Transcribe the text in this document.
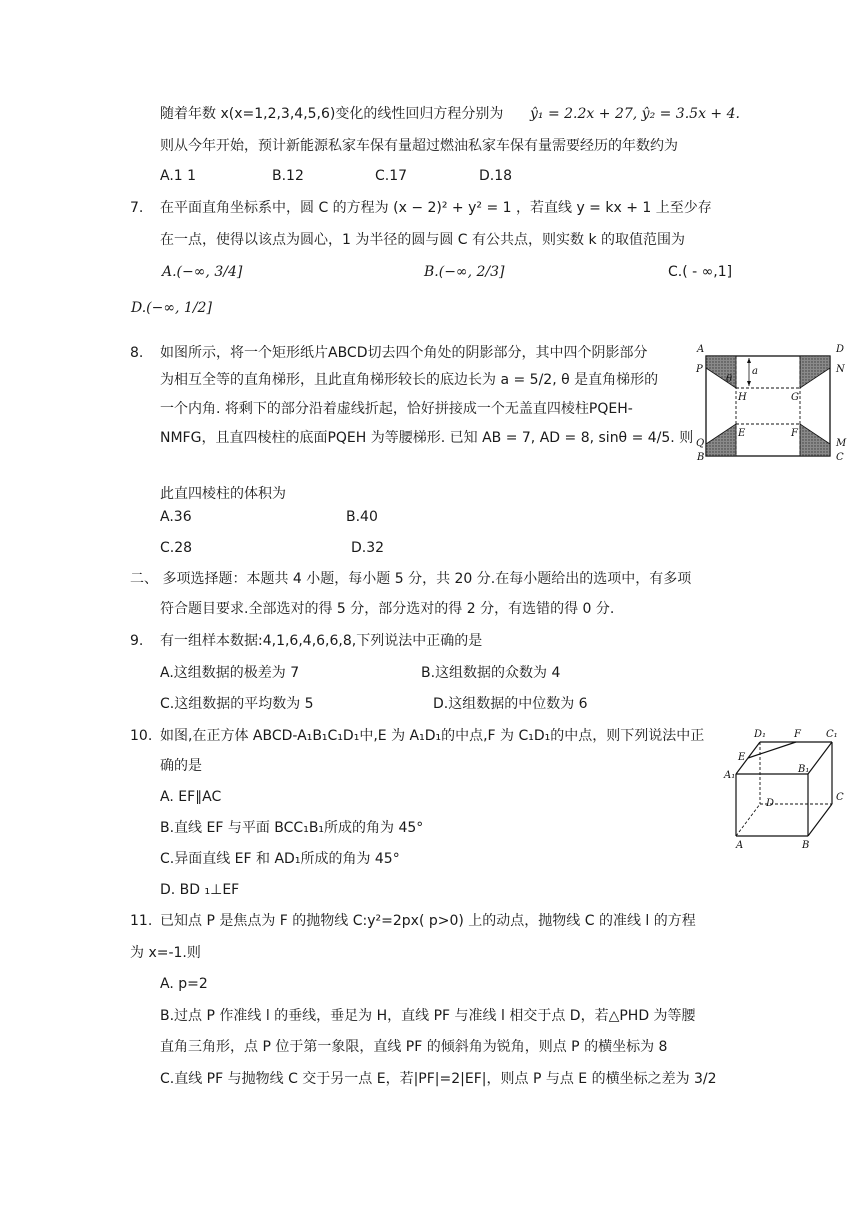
随着年数 x(x=1,2,3,4,5,6)变化的线性回归方程分别为 ŷ₁ = 2.2x + 27, ŷ₂ = 3.5x + 4.
则从今年开始，预计新能源私家车保有量超过燃油私家车保有量需要经历的年数约为
A.1 1	B.12	C.17	D.18
7. 在平面直角坐标系中，圆 C 的方程为 (x − 2)² + y² = 1 ，若直线 y = kx + 1 上至少存
在一点，使得以该点为圆心，1 为半径的圆与圆 C 有公共点，则实数 k 的取值范围为
A.(−∞, 3/4]	B.(−∞, 2/3]	C.( - ∞,1]
D.(−∞, 1/2]
8. 如图所示，将一个矩形纸片ABCD切去四个角处的阴影部分，其中四个阴影部分
为相互全等的直角梯形，且此直角梯形较长的底边长为 a = 5/2, θ 是直角梯形的
一个内角. 将剩下的部分沿着虚线折起，恰好拼接成一个无盖直四棱柱PQEH-
NMFG，且直四棱柱的底面PQEH 为等腰梯形. 已知 AB = 7, AD = 8, sinθ = 4/5. 则
此直四棱柱的体积为
A.36	B.40
C.28	D.32
A	D
P	N
a
θ
H	G
E	F
Q	M
B	C
二、 多项选择题：本题共 4 小题，每小题 5 分，共 20 分.在每小题给出的选项中，有多项
符合题目要求.全部选对的得 5 分，部分选对的得 2 分，有选错的得 0 分.
9. 有一组样本数据:4,1,6,4,6,6,8,下列说法中正确的是
A.这组数据的极差为 7	B.这组数据的众数为 4
C.这组数据的平均数为 5	D.这组数据的中位数为 6
10. 如图,在正方体 ABCD-A₁B₁C₁D₁中,E 为 A₁D₁的中点,F 为 C₁D₁的中点，则下列说法中正
确的是
A. EF∥AC
B.直线 EF 与平面 BCC₁B₁所成的角为 45°
C.异面直线 EF 和 AD₁所成的角为 45°
D. BD ₁⊥EF
D₁	F	C₁
E
A₁
B₁
D
C
A	B
11. 已知点 P 是焦点为 F 的抛物线 C:y²=2px( p>0) 上的动点，抛物线 C 的准线 l 的方程
为 x=-1.则
A. p=2
B.过点 P 作准线 l 的垂线，垂足为 H，直线 PF 与准线 l 相交于点 D，若△PHD 为等腰
直角三角形，点 P 位于第一象限，直线 PF 的倾斜角为锐角，则点 P 的横坐标为 8
C.直线 PF 与抛物线 C 交于另一点 E，若|PF|=2|EF|，则点 P 与点 E 的横坐标之差为 3/2
